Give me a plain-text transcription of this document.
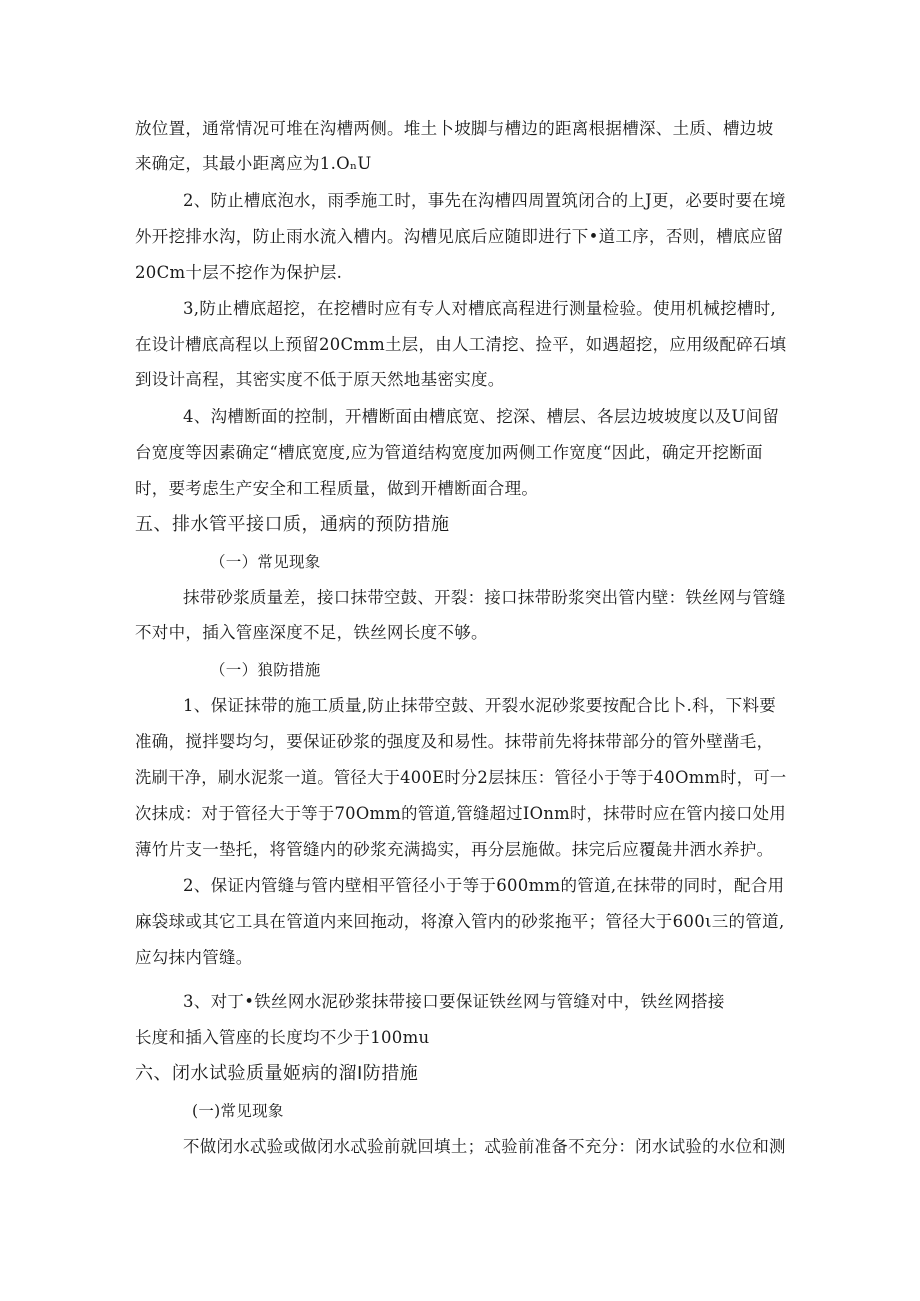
放位置，通常情况可堆在沟槽两侧。堆土卜坡脚与槽边的距离根据槽深、土质、槽边坡
来确定，其最小距离应为1.OₙU
2、防止槽底泡水，雨季施工时，事先在沟槽四周置筑闭合的上J更，必要时要在境
外开挖排水沟，防止雨水流入槽内。沟槽见底后应随即进行下•道工序，否则，槽底应留
20Cm十层不挖作为保护层.
3,防止槽底超挖，在挖槽时应有专人对槽底高程进行测量检验。使用机械挖槽时,
在设计槽底高程以上预留20Cmm土层，由人工清挖、捡平，如遇超挖，应用级配碎石填
到设计高程，其密实度不低于原天然地基密实度。
4、沟槽断面的控制，开槽断面由槽底宽、挖深、槽层、各层边坡坡度以及U间留
台宽度等因素确定“槽底宽度,应为管道结构宽度加两侧工作宽度“因此，确定开挖断面
时，要考虑生产安全和工程质量，做到开槽断面合理。
五、排水管平接口质，通病的预防措施
（一）常见现象
抹带砂浆质量差，接口抹带空鼓、开裂：接口抹带盼浆突出管内壁：铁丝网与管缝
不对中，插入管座深度不足，铁丝网长度不够。
（一）狼防措施
1、保证抹带的施工质量,防止抹带空鼓、开裂水泥砂浆要按配合比卜.科，下料要
准确，搅拌婴均匀，要保证砂浆的强度及和易性。抹带前先将抹带部分的管外壁凿毛，
洗刷干净，刷水泥浆一道。管径大于400E时分2层抹压：管径小于等于40Omm时，可一
次抹成：对于管径大于等于70Omm的管道,管缝超过IOnm时，抹带时应在管内接口处用
薄竹片支一垫托，将管缝内的砂浆充满捣实，再分层施做。抹完后应覆彘井洒水养护。
2、保证内管缝与管内壁相平管径小于等于600mm的管道,在抹带的同时，配合用
麻袋球或其它工具在管道内来回拖动，将潦入管内的砂浆拖平；管径大于600ι三的管道,
应勾抹内管缝。
3、对丁•铁丝网水泥砂浆抹带接口要保证铁丝网与管缝对中，铁丝网搭接
长度和插入管座的长度均不少于100mu
六、闭水试验质量姬病的溜I防措施
(一)常见现象
不做闭水忒验或做闭水忒验前就回填土；忒验前准备不充分：闭水试验的水位和测
